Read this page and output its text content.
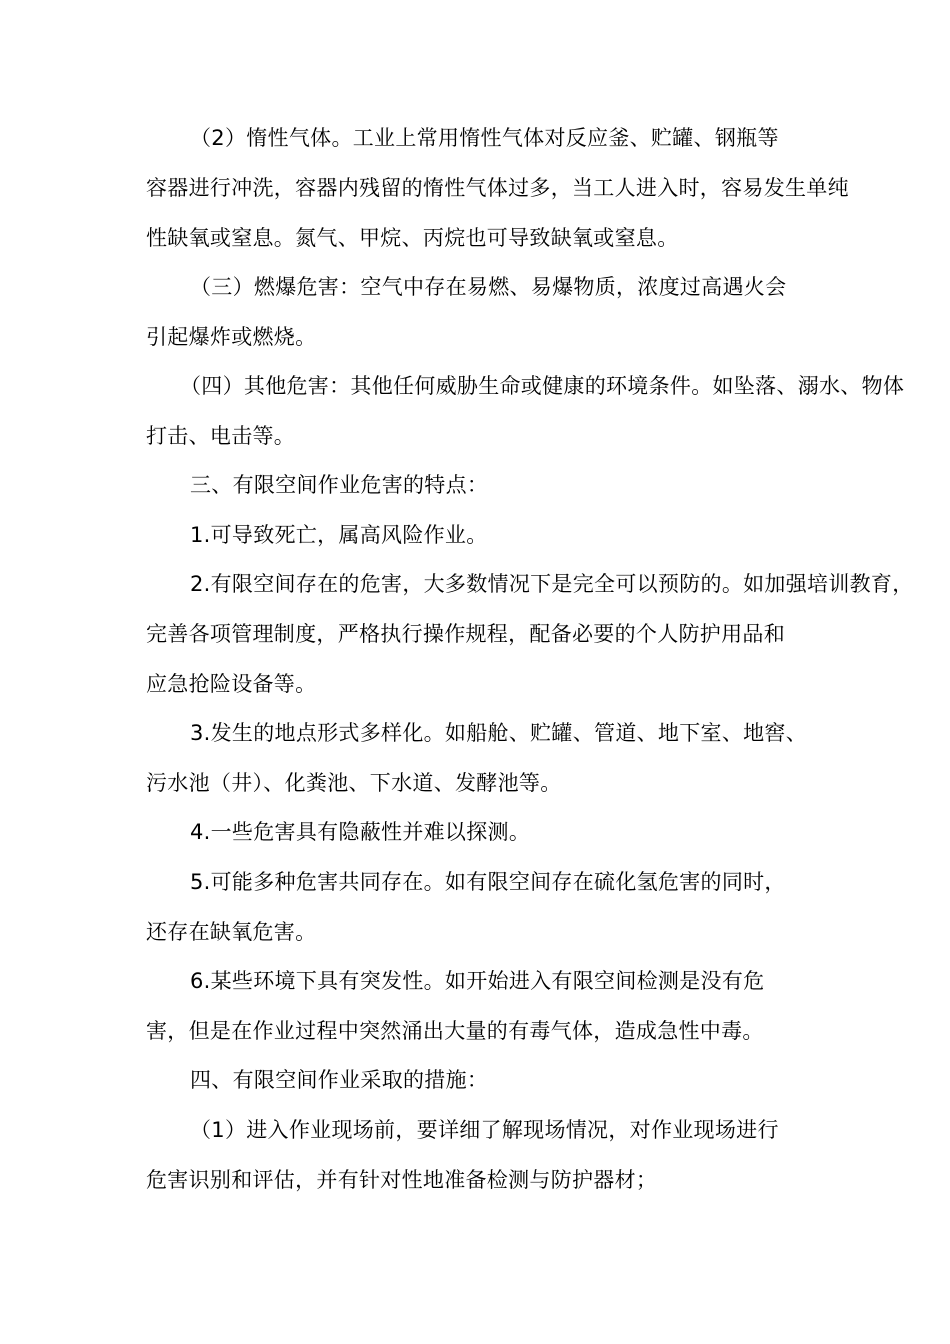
（2）惰性气体。工业上常用惰性气体对反应釜、贮罐、钢瓶等
容器进行冲洗，容器内残留的惰性气体过多，当工人进入时，容易发生单纯
性缺氧或窒息。氮气、甲烷、丙烷也可导致缺氧或窒息。
（三）燃爆危害：空气中存在易燃、易爆物质，浓度过高遇火会
引起爆炸或燃烧。
（四）其他危害：其他任何威胁生命或健康的环境条件。如坠落、溺水、物体
打击、电击等。
三、有限空间作业危害的特点：
1.可导致死亡，属高风险作业。
2.有限空间存在的危害，大多数情况下是完全可以预防的。如加强培训教育，
完善各项管理制度，严格执行操作规程，配备必要的个人防护用品和
应急抢险设备等。
3.发生的地点形式多样化。如船舱、贮罐、管道、地下室、地窖、
污水池（井）、化粪池、下水道、发酵池等。
4.一些危害具有隐蔽性并难以探测。
5.可能多种危害共同存在。如有限空间存在硫化氢危害的同时，
还存在缺氧危害。
6.某些环境下具有突发性。如开始进入有限空间检测是没有危
害，但是在作业过程中突然涌出大量的有毒气体，造成急性中毒。
四、有限空间作业采取的措施：
（1）进入作业现场前，要详细了解现场情况，对作业现场进行
危害识别和评估，并有针对性地准备检测与防护器材；
